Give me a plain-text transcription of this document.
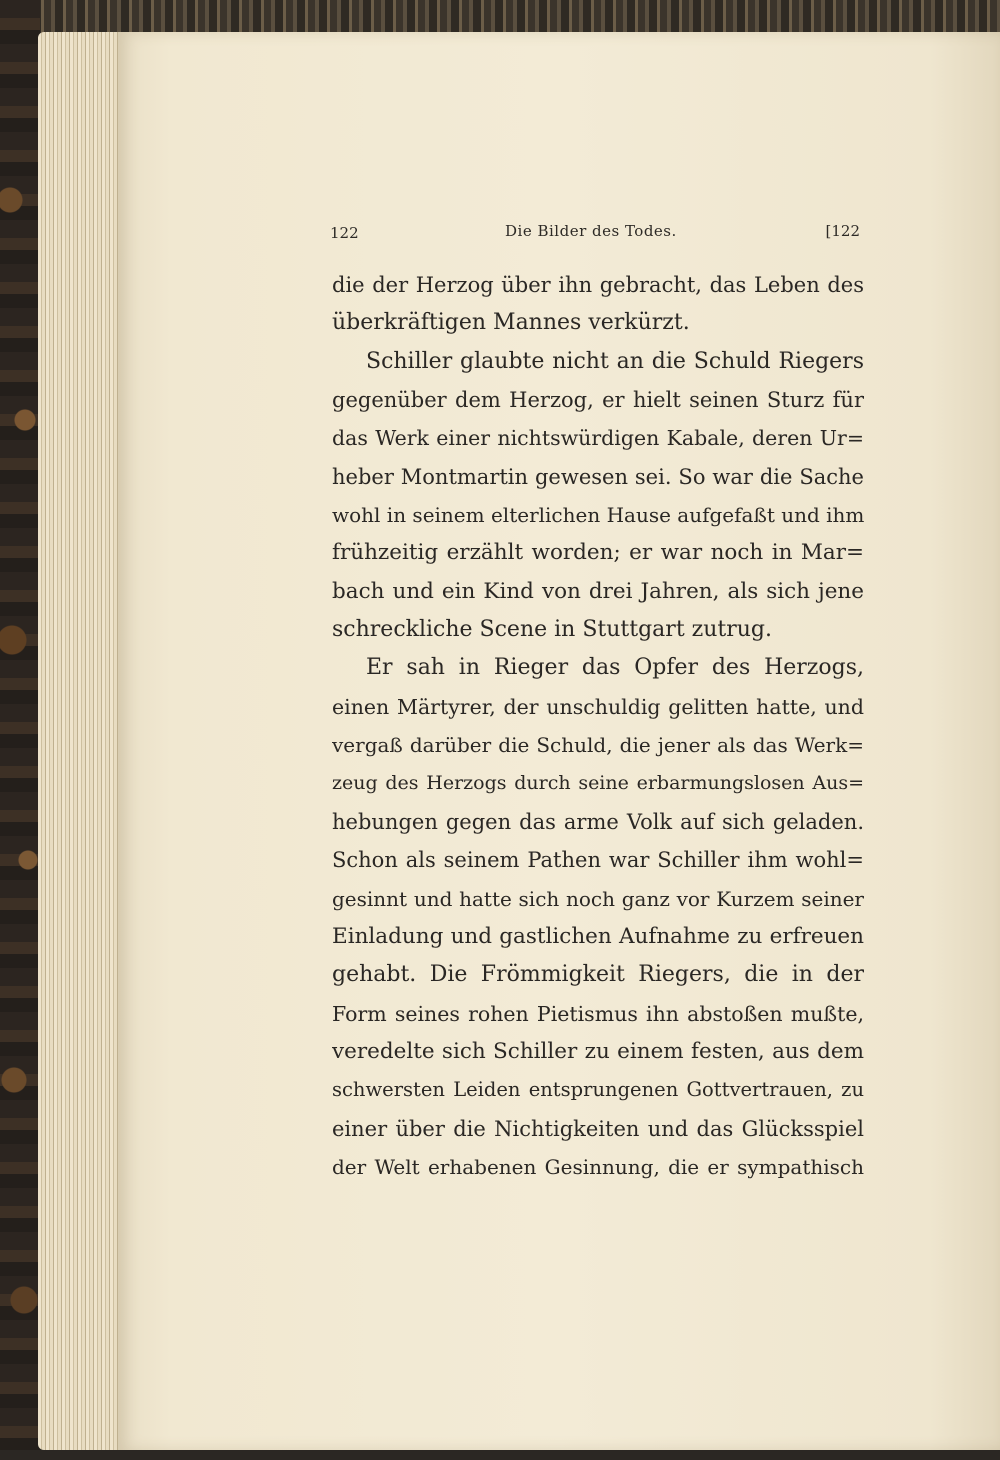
122	Die Bilder des Todes.	[122
die der Herzog über ihn gebracht, das Leben des
überkräftigen Mannes verkürzt.
Schiller glaubte nicht an die Schuld Riegers
gegenüber dem Herzog, er hielt seinen Sturz für
das Werk einer nichtswürdigen Kabale, deren Ur=
heber Montmartin gewesen sei. So war die Sache
wohl in seinem elterlichen Hause aufgefaßt und ihm
frühzeitig erzählt worden; er war noch in Mar=
bach und ein Kind von drei Jahren, als sich jene
schreckliche Scene in Stuttgart zutrug.
Er sah in Rieger das Opfer des Herzogs,
einen Märtyrer, der unschuldig gelitten hatte, und
vergaß darüber die Schuld, die jener als das Werk=
zeug des Herzogs durch seine erbarmungslosen Aus=
hebungen gegen das arme Volk auf sich geladen.
Schon als seinem Pathen war Schiller ihm wohl=
gesinnt und hatte sich noch ganz vor Kurzem seiner
Einladung und gastlichen Aufnahme zu erfreuen
gehabt. Die Frömmigkeit Riegers, die in der
Form seines rohen Pietismus ihn abstoßen mußte,
veredelte sich Schiller zu einem festen, aus dem
schwersten Leiden entsprungenen Gottvertrauen, zu
einer über die Nichtigkeiten und das Glücksspiel
der Welt erhabenen Gesinnung, die er sympathisch
